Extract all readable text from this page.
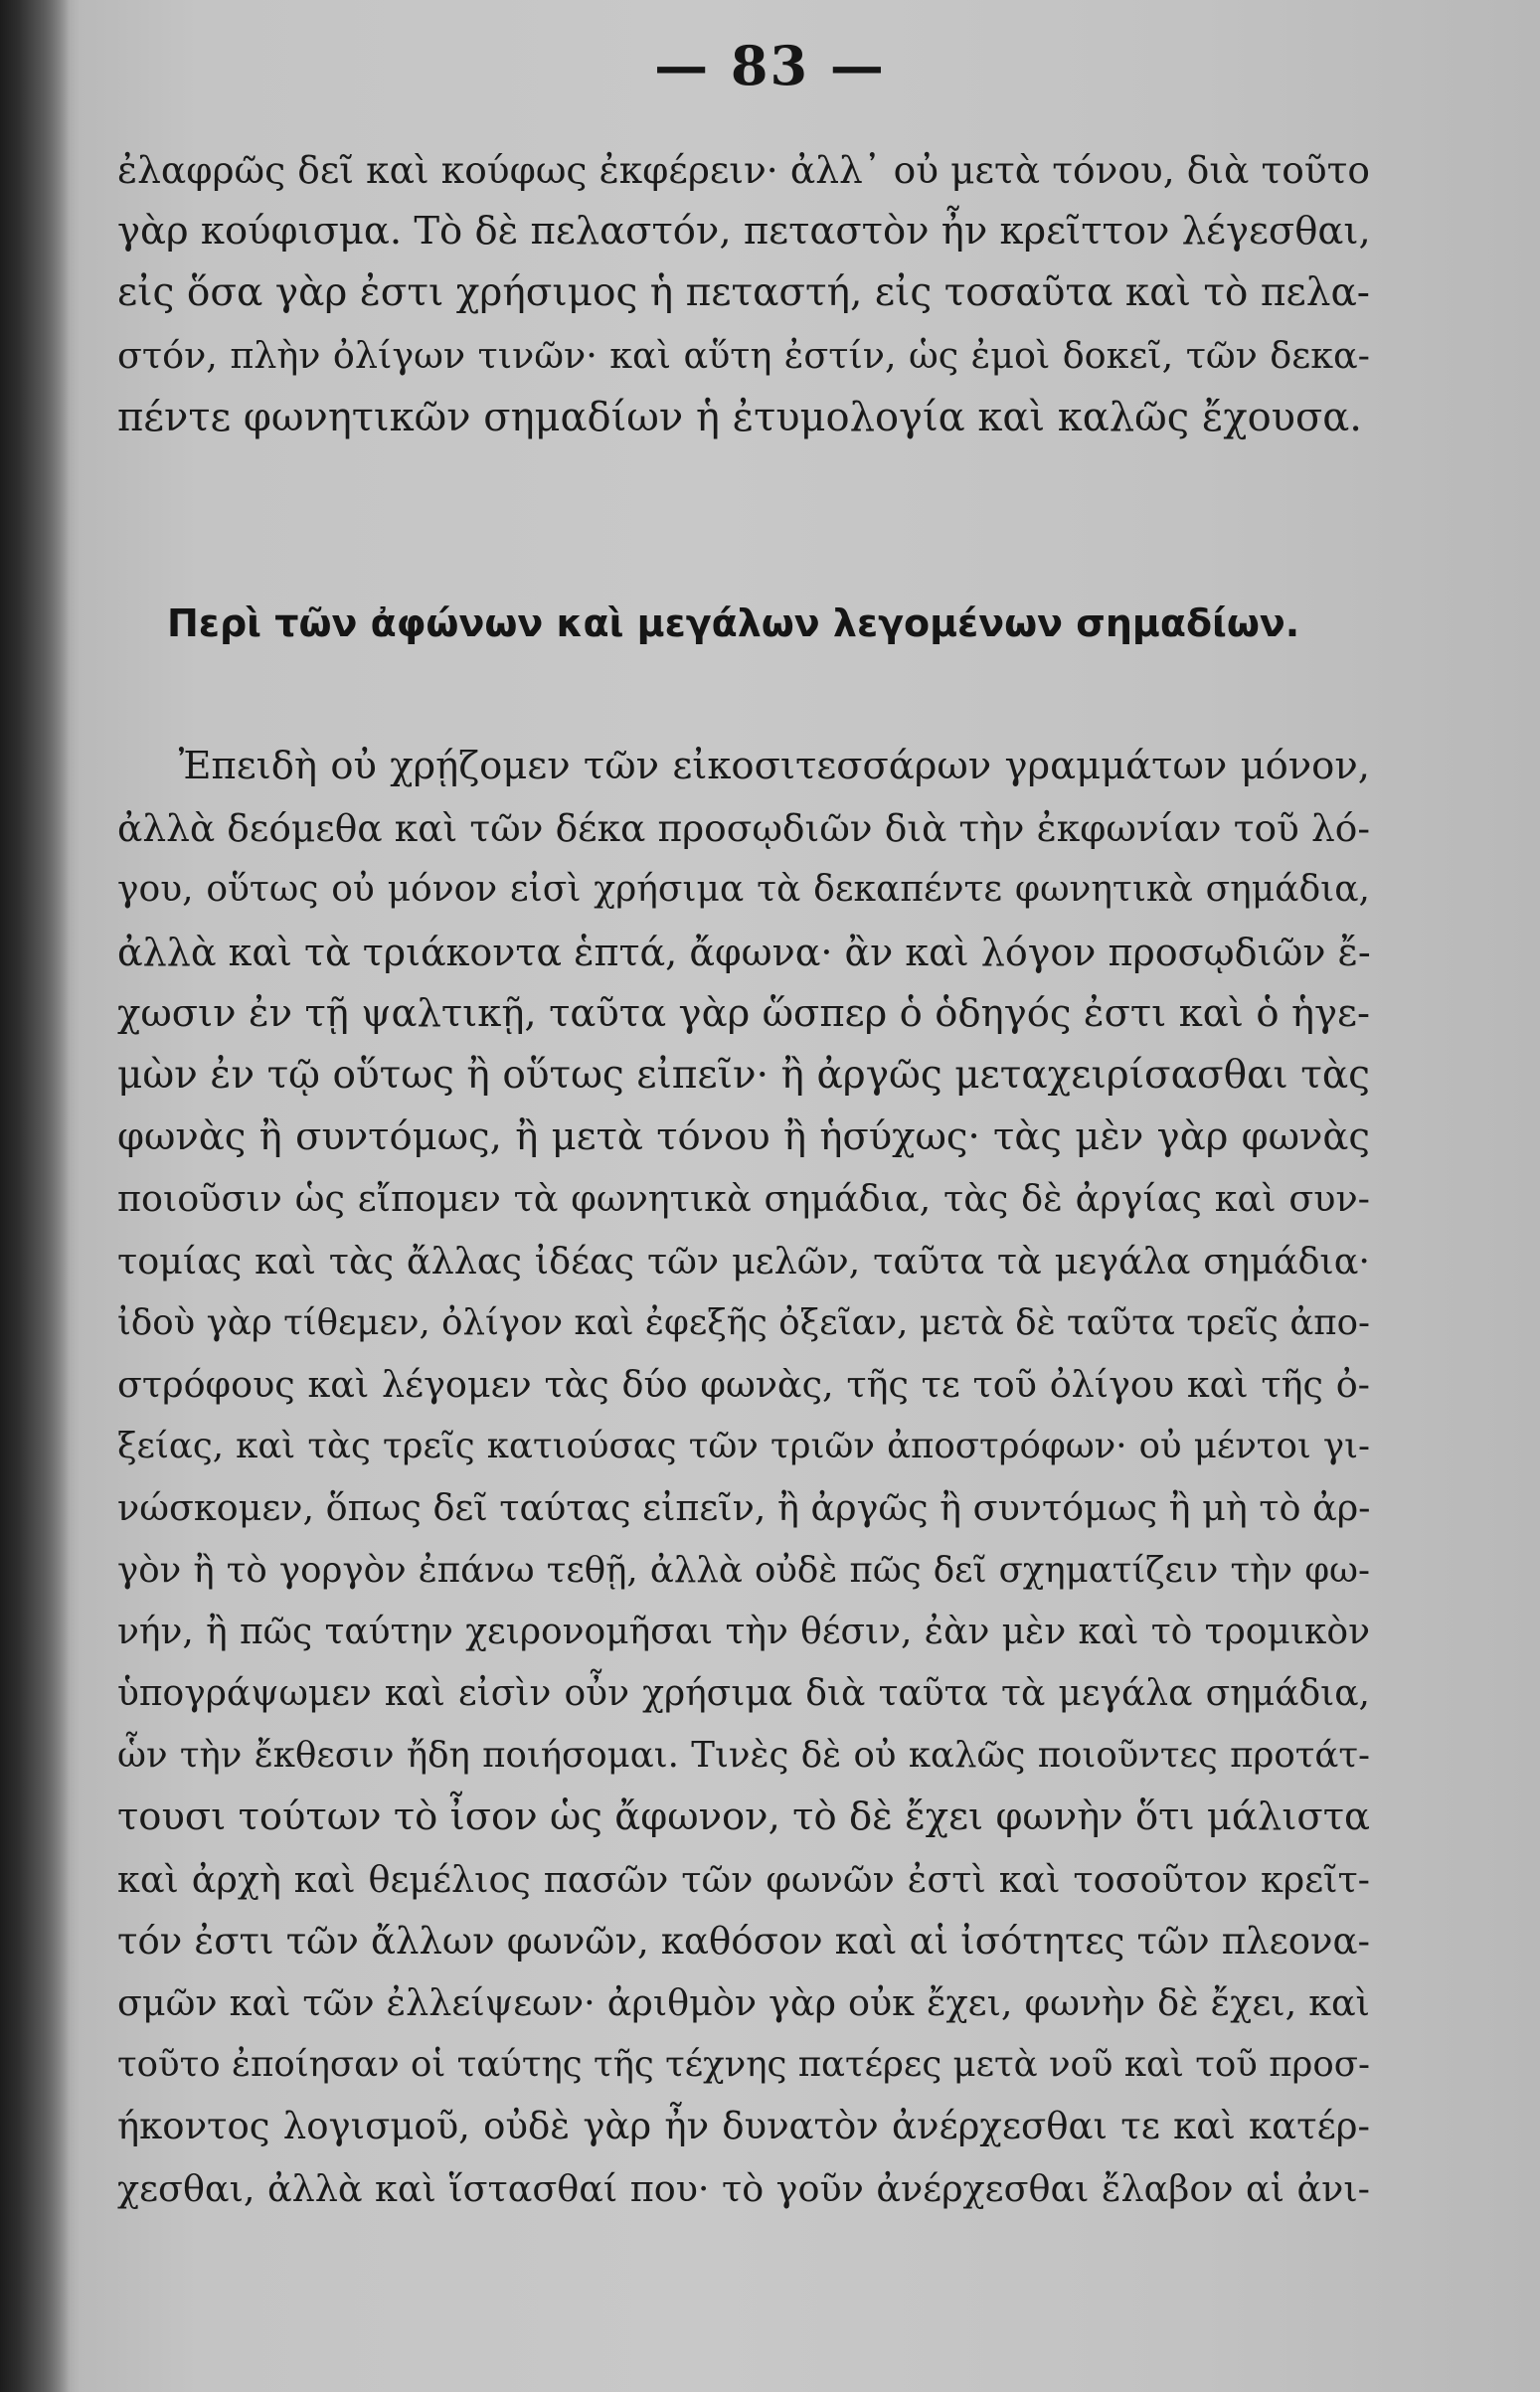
— 83 —

ἐλαφρῶς δεῖ καὶ κούφως ἐκφέρειν· ἀλλ᾽ οὐ μετὰ τόνου, διὰ τοῦτο

γὰρ κούφισμα. Τὸ δὲ πελαστόν, πεταστὸν ἦν κρεῖττον λέγεσθαι,

εἰς ὅσα γὰρ ἐστι χρήσιμος ἡ πεταστή, εἰς τοσαῦτα καὶ τὸ πελα-

στόν, πλὴν ὀλίγων τινῶν· καὶ αὕτη ἐστίν, ὡς ἐμοὶ δοκεῖ, τῶν δεκα-

πέντε φωνητικῶν σημαδίων ἡ ἐτυμολογία καὶ καλῶς ἔχουσα.

Περὶ τῶν ἀφώνων καὶ μεγάλων λεγομένων σημαδίων.

Ἐπειδὴ οὐ χρῄζομεν τῶν εἰκοσιτεσσάρων γραμμάτων μόνον,

ἀλλὰ δεόμεθα καὶ τῶν δέκα προσῳδιῶν διὰ τὴν ἐκφωνίαν τοῦ λό-

γου, οὕτως οὐ μόνον εἰσὶ χρήσιμα τὰ δεκαπέντε φωνητικὰ σημάδια,

ἀλλὰ καὶ τὰ τριάκοντα ἑπτά, ἄφωνα· ἂν καὶ λόγον προσῳδιῶν ἔ-

χωσιν ἐν τῇ ψαλτικῇ, ταῦτα γὰρ ὥσπερ ὁ ὁδηγός ἐστι καὶ ὁ ἡγε-

μὼν ἐν τῷ οὕτως ἢ οὕτως εἰπεῖν· ἢ ἀργῶς μεταχειρίσασθαι τὰς

φωνὰς ἢ συντόμως, ἢ μετὰ τόνου ἢ ἡσύχως· τὰς μὲν γὰρ φωνὰς

ποιοῦσιν ὡς εἴπομεν τὰ φωνητικὰ σημάδια, τὰς δὲ ἀργίας καὶ συν-

τομίας καὶ τὰς ἄλλας ἰδέας τῶν μελῶν, ταῦτα τὰ μεγάλα σημάδια·

ἰδοὺ γὰρ τίθεμεν, ὀλίγον καὶ ἐφεξῆς ὀξεῖαν, μετὰ δὲ ταῦτα τρεῖς ἀπο-

στρόφους καὶ λέγομεν τὰς δύο φωνὰς, τῆς τε τοῦ ὀλίγου καὶ τῆς ὀ-

ξείας, καὶ τὰς τρεῖς κατιούσας τῶν τριῶν ἀποστρόφων· οὐ μέντοι γι-

νώσκομεν, ὅπως δεῖ ταύτας εἰπεῖν, ἢ ἀργῶς ἢ συντόμως ἢ μὴ τὸ ἀρ-

γὸν ἢ τὸ γοργὸν ἐπάνω τεθῇ, ἀλλὰ οὐδὲ πῶς δεῖ σχηματίζειν τὴν φω-

νήν, ἢ πῶς ταύτην χειρονομῆσαι τὴν θέσιν, ἐὰν μὲν καὶ τὸ τρομικὸν

ὑπογράψωμεν καὶ εἰσὶν οὖν χρήσιμα διὰ ταῦτα τὰ μεγάλα σημάδια,

ὧν τὴν ἔκθεσιν ἤδη ποιήσομαι. Τινὲς δὲ οὐ καλῶς ποιοῦντες προτάτ-

τουσι τούτων τὸ ἶσον ὡς ἄφωνον, τὸ δὲ ἔχει φωνὴν ὅτι μάλιστα

καὶ ἀρχὴ καὶ θεμέλιος πασῶν τῶν φωνῶν ἐστὶ καὶ τοσοῦτον κρεῖτ-

τόν ἐστι τῶν ἄλλων φωνῶν, καθόσον καὶ αἱ ἰσότητες τῶν πλεονα-

σμῶν καὶ τῶν ἐλλείψεων· ἀριθμὸν γὰρ οὐκ ἔχει, φωνὴν δὲ ἔχει, καὶ

τοῦτο ἐποίησαν οἱ ταύτης τῆς τέχνης πατέρες μετὰ νοῦ καὶ τοῦ προσ-

ήκοντος λογισμοῦ, οὐδὲ γὰρ ἦν δυνατὸν ἀνέρχεσθαι τε καὶ κατέρ-

χεσθαι, ἀλλὰ καὶ ἵστασθαί που· τὸ γοῦν ἀνέρχεσθαι ἔλαβον αἱ ἀνι-
